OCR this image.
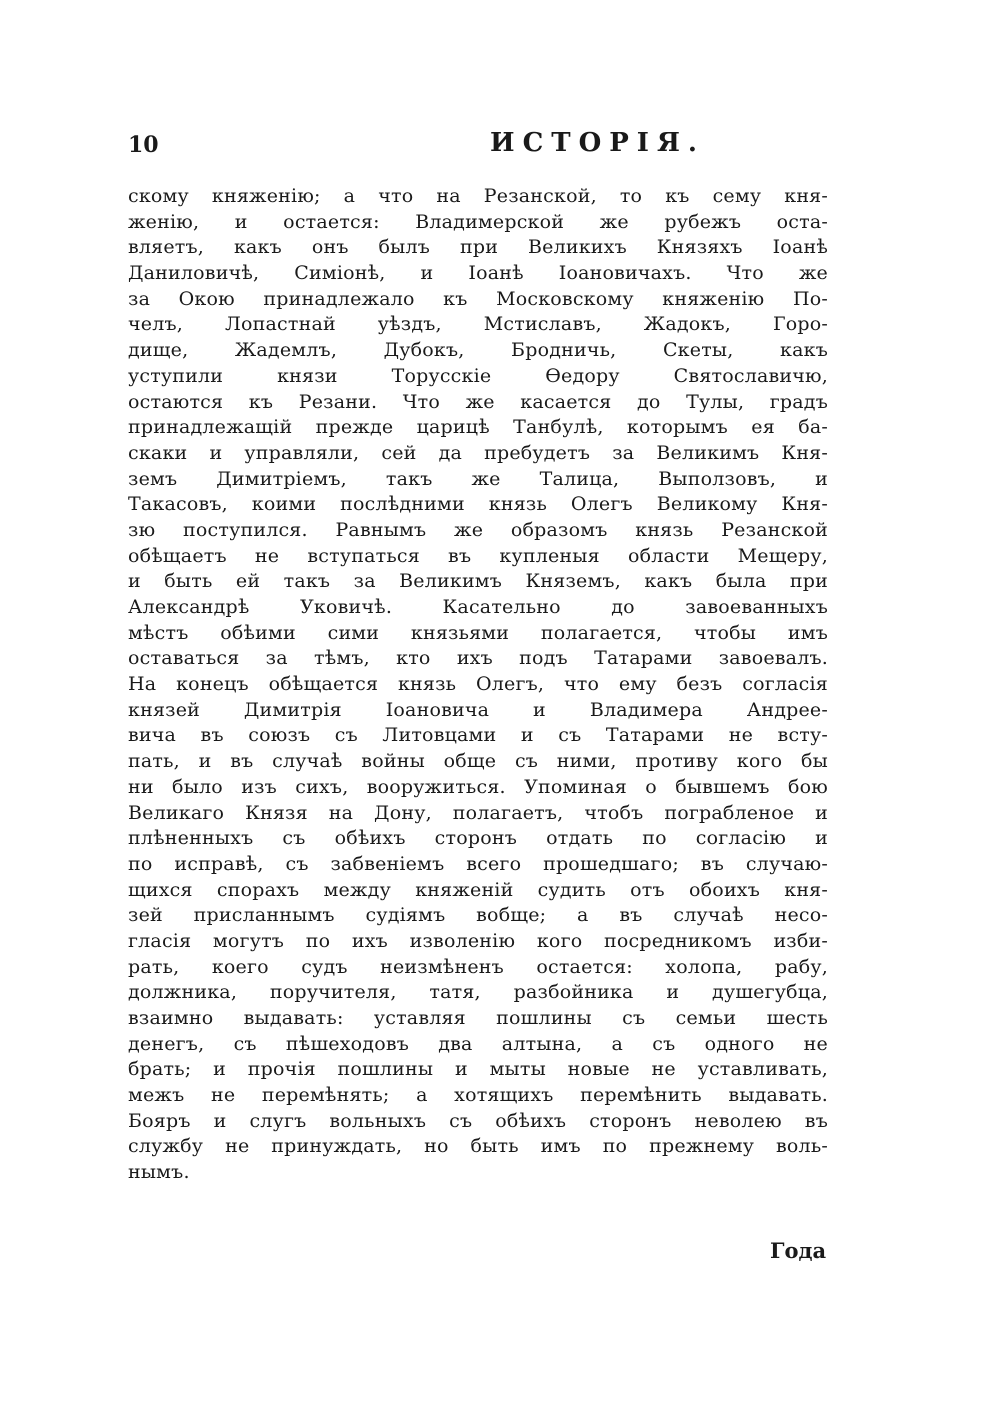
10	ИСТОРІЯ.
скому княженію; а что на Резанской, то къ сему кня-
женію, и остается: Владимерской же рубежъ оста-
вляетъ, какъ онъ былъ при Великихъ Князяхъ Іоанѣ
Даниловичѣ, Симіонѣ, и Іоанѣ Іоановичахъ. Что же
за Окою принадлежало къ Московскому княженію По-
челъ, Лопастнай уѣздъ, Мстиславъ, Жадокъ, Горо-
дище, Жадемлъ, Дубокъ, Бродничь, Скеты, какъ
уступили князи Торусскіе Ѳедору Святославичю,
остаются къ Резани. Что же касается до Тулы, градъ
принадлежащій прежде царицѣ Танбулѣ, которымъ ея ба-
скаки и управляли, сей да пребудетъ за Великимъ Кня-
земъ Димитріемъ, такъ же Талица, Выползовъ, и
Такасовъ, коими послѣдними князь Олегъ Великому Кня-
зю поступился. Равнымъ же образомъ князь Резанской
обѣщаетъ не вступаться въ купленыя области Мещеру,
и быть ей такъ за Великимъ Княземъ, какъ была при
Александрѣ Уковичѣ. Касательно до завоеванныхъ
мѣстъ обѣими сими князьями полагается, чтобы имъ
оставаться за тѣмъ, кто ихъ подъ Татарами завоевалъ.
На конецъ обѣщается князь Олегъ, что ему безъ согласія
князей Димитрія Іоановича и Владимера Андрее-
вича въ союзъ съ Литовцами и съ Татарами не всту-
пать, и въ случаѣ войны обще съ ними, противу кого бы
ни было изъ сихъ, вооружиться. Упоминая о бывшемъ бою
Великаго Князя на Дону, полагаетъ, чтобъ пограбленое и
плѣненныхъ съ обѣихъ сторонъ отдать по согласію и
по исправѣ, съ забвеніемъ всего прошедшаго; въ случаю-
щихся спорахъ между княженій судить отъ обоихъ кня-
зей присланнымъ судіямъ вобще; а въ случаѣ несо-
гласія могутъ по ихъ изволенію кого посредникомъ изби-
рать, коего судъ неизмѣненъ остается: холопа, рабу,
должника, поручителя, татя, разбойника и душегубца,
взаимно выдавать: уставляя пошлины съ семьи шесть
денегъ, съ пѣшеходовъ два алтына, а съ одного не
брать; и прочія пошлины и мыты новые не уставливать,
межъ не перемѣнять; а хотящихъ перемѣнить выдавать.
Бояръ и слугъ вольныхъ съ обѣихъ сторонъ неволею въ
службу не принуждать, но быть имъ по прежнему воль-
нымъ.
Года
